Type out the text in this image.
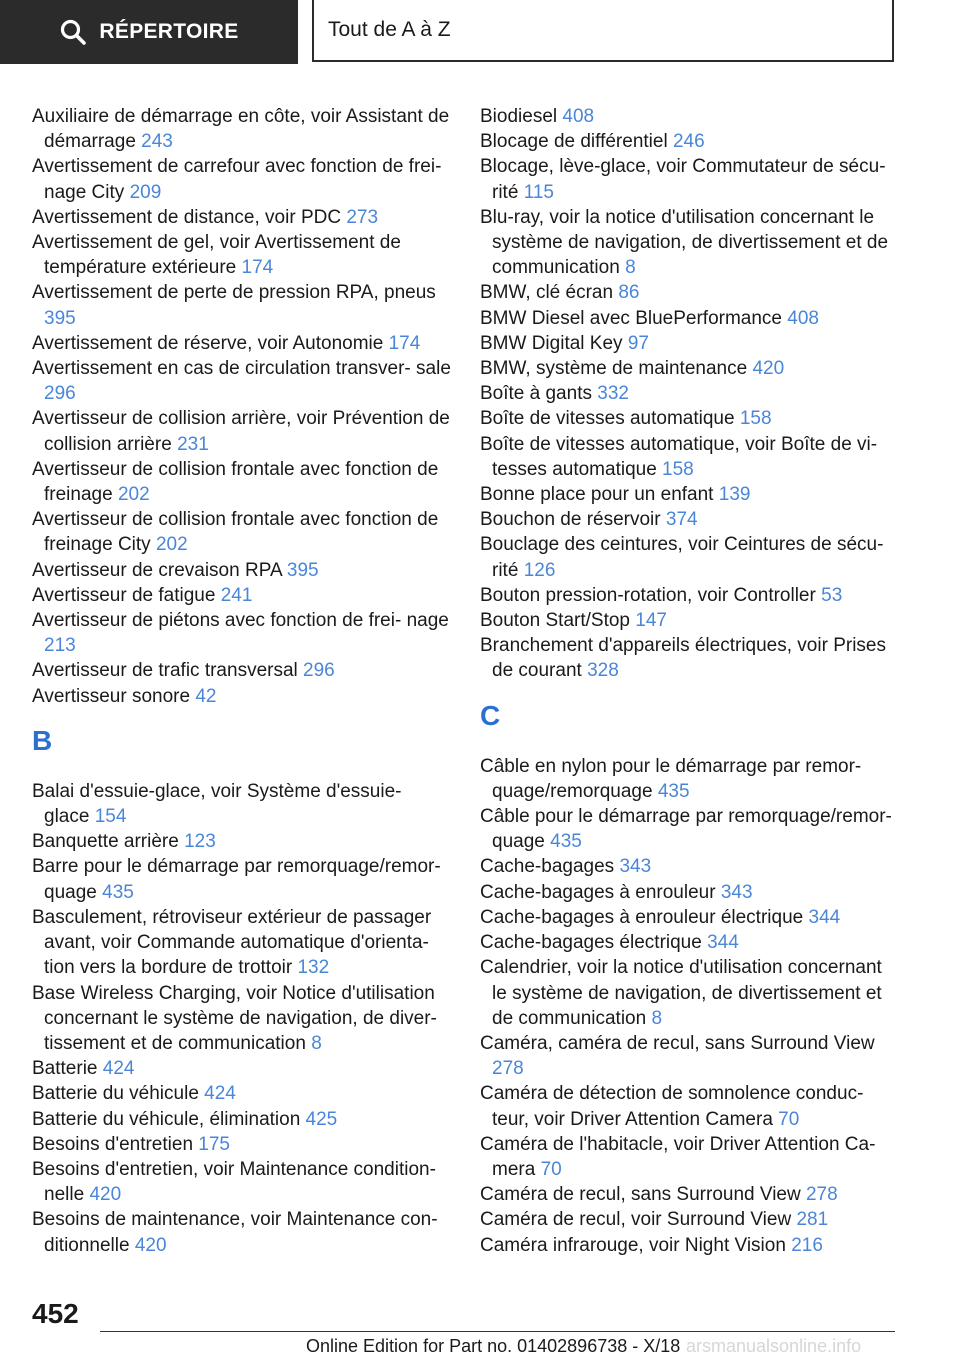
RÉPERTOIRE	Tout de A à Z
Auxiliaire de démarrage en côte, voir Assistant de démarrage 243
Avertissement de carrefour avec fonction de frei‐ nage City 209
Avertissement de distance, voir PDC 273
Avertissement de gel, voir Avertissement de température extérieure 174
Avertissement de perte de pression RPA, pneus 395
Avertissement de réserve, voir Autonomie 174
Avertissement en cas de circulation transver‐ sale 296
Avertisseur de collision arrière, voir Prévention de collision arrière 231
Avertisseur de collision frontale avec fonction de freinage 202
Avertisseur de collision frontale avec fonction de freinage City 202
Avertisseur de crevaison RPA 395
Avertisseur de fatigue 241
Avertisseur de piétons avec fonction de frei‐ nage 213
Avertisseur de trafic transversal 296
Avertisseur sonore 42
B
Balai d'essuie-glace, voir Système d'essuie- glace 154
Banquette arrière 123
Barre pour le démarrage par remorquage/remor‐ quage 435
Basculement, rétroviseur extérieur de passager avant, voir Commande automatique d'orienta‐ tion vers la bordure de trottoir 132
Base Wireless Charging, voir Notice d'utilisation concernant le système de navigation, de diver‐ tissement et de communication 8
Batterie 424
Batterie du véhicule 424
Batterie du véhicule, élimination 425
Besoins d'entretien 175
Besoins d'entretien, voir Maintenance condition‐ nelle 420
Besoins de maintenance, voir Maintenance con‐ ditionnelle 420
Biodiesel 408
Blocage de différentiel 246
Blocage, lève-glace, voir Commutateur de sécu‐ rité 115
Blu-ray, voir la notice d'utilisation concernant le système de navigation, de divertissement et de communication 8
BMW, clé écran 86
BMW Diesel avec BluePerformance 408
BMW Digital Key 97
BMW, système de maintenance 420
Boîte à gants 332
Boîte de vitesses automatique 158
Boîte de vitesses automatique, voir Boîte de vi‐ tesses automatique 158
Bonne place pour un enfant 139
Bouchon de réservoir 374
Bouclage des ceintures, voir Ceintures de sécu‐ rité 126
Bouton pression-rotation, voir Controller 53
Bouton Start/Stop 147
Branchement d'appareils électriques, voir Prises de courant 328
C
Câble en nylon pour le démarrage par remor‐ quage/remorquage 435
Câble pour le démarrage par remorquage/remor‐ quage 435
Cache-bagages 343
Cache-bagages à enrouleur 343
Cache-bagages à enrouleur électrique 344
Cache-bagages électrique 344
Calendrier, voir la notice d'utilisation concernant le système de navigation, de divertissement et de communication 8
Caméra, caméra de recul, sans Surround View 278
Caméra de détection de somnolence conduc‐ teur, voir Driver Attention Camera 70
Caméra de l'habitacle, voir Driver Attention Ca‐ mera 70
Caméra de recul, sans Surround View 278
Caméra de recul, voir Surround View 281
Caméra infrarouge, voir Night Vision 216
452
Online Edition for Part no. 01402896738 - X/18 arsmanualsonline.info
